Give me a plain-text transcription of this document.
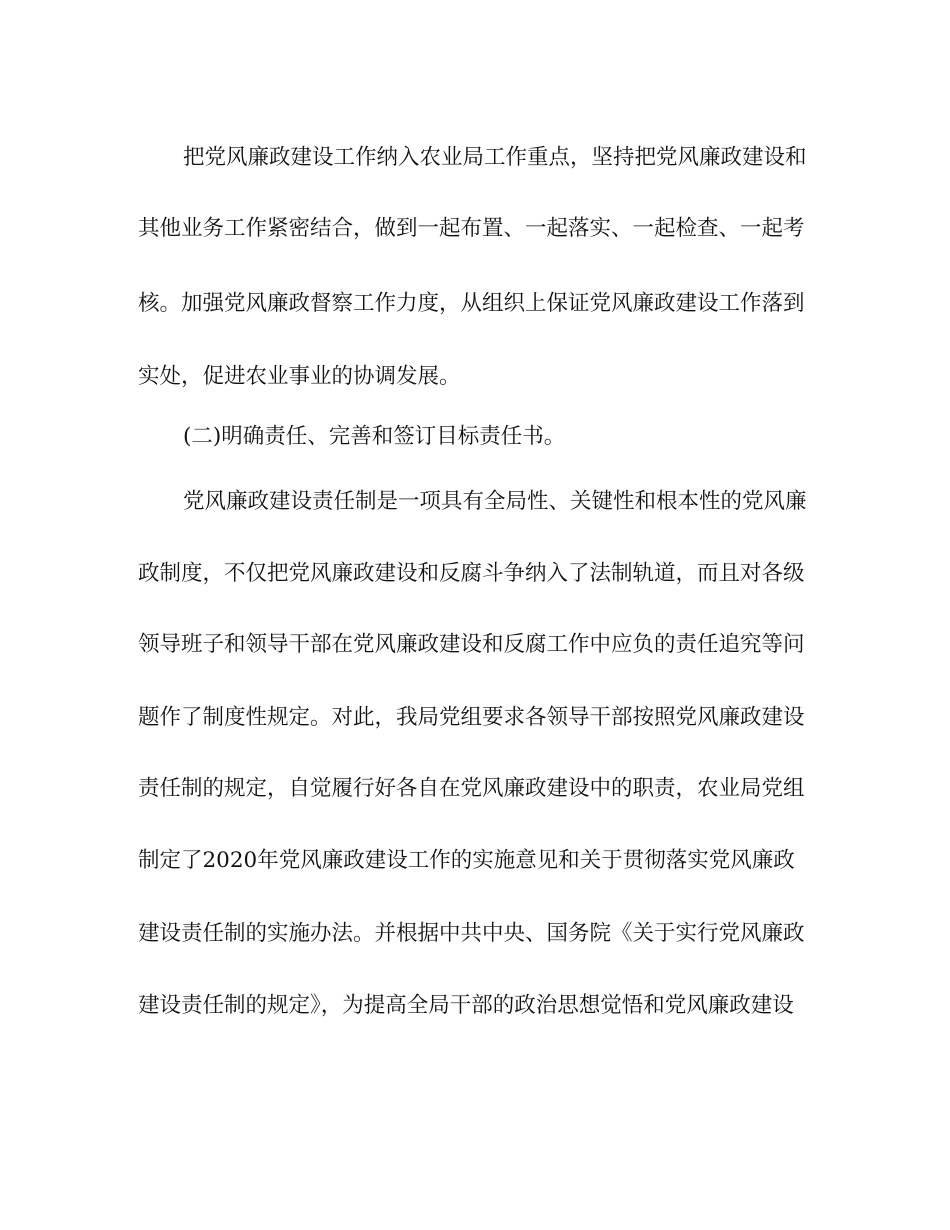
把党风廉政建设工作纳入农业局工作重点，坚持把党风廉政建设和
其他业务工作紧密结合，做到一起布置、一起落实、一起检查、一起考
核。加强党风廉政督察工作力度，从组织上保证党风廉政建设工作落到
实处，促进农业事业的协调发展。
(二)明确责任、完善和签订目标责任书。
党风廉政建设责任制是一项具有全局性、关键性和根本性的党风廉
政制度，不仅把党风廉政建设和反腐斗争纳入了法制轨道，而且对各级
领导班子和领导干部在党风廉政建设和反腐工作中应负的责任追究等问
题作了制度性规定。对此，我局党组要求各领导干部按照党风廉政建设
责任制的规定，自觉履行好各自在党风廉政建设中的职责，农业局党组
制定了2020年党风廉政建设工作的实施意见和关于贯彻落实党风廉政
建设责任制的实施办法。并根据中共中央、国务院《关于实行党风廉政
建设责任制的规定》，为提高全局干部的政治思想觉悟和党风廉政建设
